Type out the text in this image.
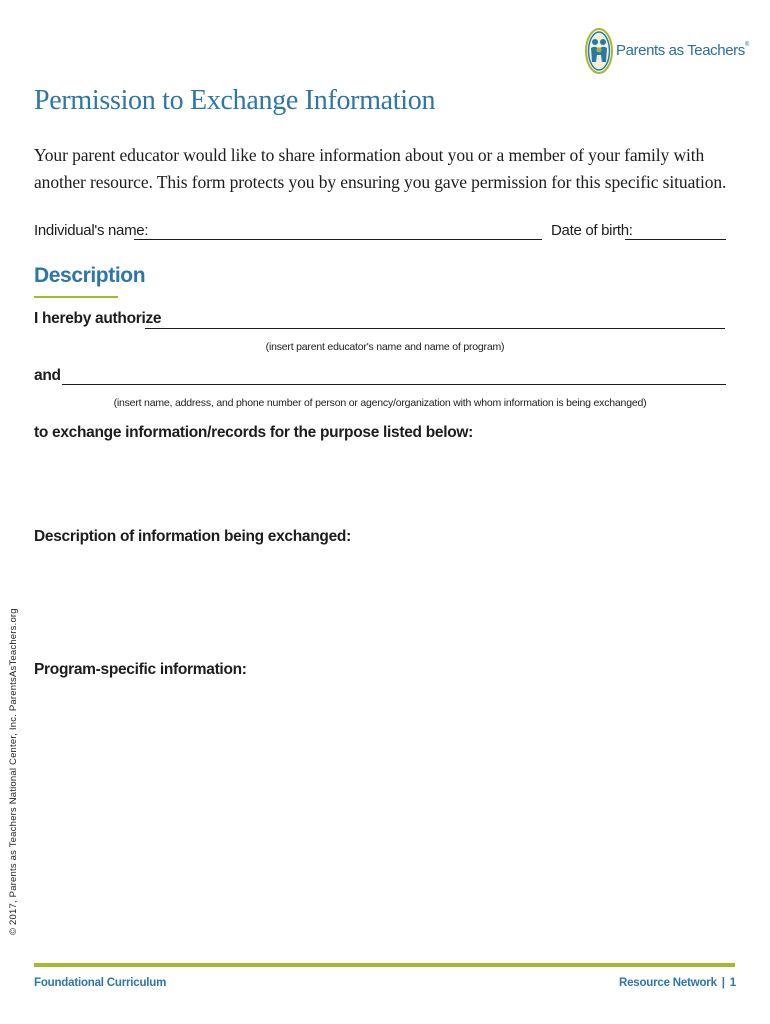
Parents as Teachers®
Permission to Exchange Information
Your parent educator would like to share information about you or a member of your family with another resource. This form protects you by ensuring you gave permission for this specific situation.
Individual's name:	Date of birth:
Description
I hereby authorize
(insert parent educator's name and name of program)
and
(insert name, address, and phone number of person or agency/organization with whom information is being exchanged)
to exchange information/records for the purpose listed below:
Description of information being exchanged:
Program-specific information:
© 2017, Parents as Teachers National Center, Inc. ParentsAsTeachers.org
Foundational Curriculum	Resource Network | 1
